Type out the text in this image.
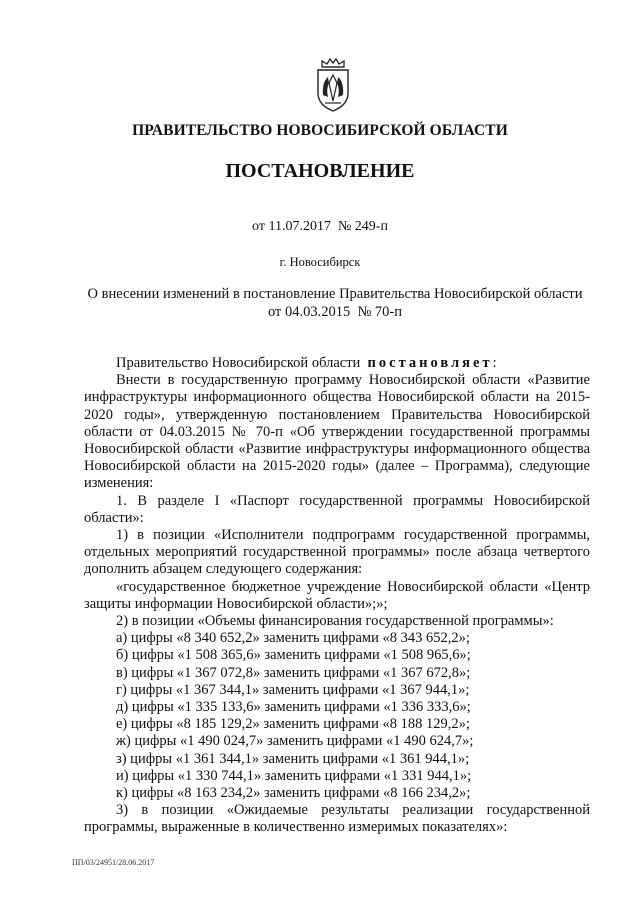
ПРАВИТЕЛЬСТВО НОВОСИБИРСКОЙ ОБЛАСТИ
ПОСТАНОВЛЕНИЕ
от 11.07.2017  № 249-п
г. Новосибирск
О внесении изменений в постановление Правительства Новосибирской области
от 04.03.2015  № 70-п

Правительство Новосибирской области постановляет:

Внести в государственную программу Новосибирской области «Развитие инфраструктуры информационного общества Новосибирской области на 2015-2020 годы», утвержденную постановлением Правительства Новосибирской области от 04.03.2015 № 70-п «Об утверждении государственной программы Новосибирской области «Развитие инфраструктуры информационного общества Новосибирской области на 2015-2020 годы» (далее – Программа), следующие изменения:

1. В разделе I «Паспорт государственной программы Новосибирской области»:

1) в позиции «Исполнители подпрограмм государственной программы, отдельных мероприятий государственной программы» после абзаца четвертого дополнить абзацем следующего содержания:

«государственное бюджетное учреждение Новосибирской области «Центр защиты информации Новосибирской области»;»;

2) в позиции «Объемы финансирования государственной программы»:

а) цифры «8 340 652,2» заменить цифрами «8 343 652,2»;
б) цифры «1 508 365,6» заменить цифрами «1 508 965,6»;
в) цифры «1 367 072,8» заменить цифрами «1 367 672,8»;
г) цифры «1 367 344,1» заменить цифрами «1 367 944,1»;
д) цифры «1 335 133,6» заменить цифрами «1 336 333,6»;
е) цифры «8 185 129,2» заменить цифрами «8 188 129,2»;
ж) цифры «1 490 024,7» заменить цифрами «1 490 624,7»;
з) цифры «1 361 344,1» заменить цифрами «1 361 944,1»;
и) цифры «1 330 744,1» заменить цифрами «1 331 944,1»;
к) цифры «8 163 234,2» заменить цифрами «8 166 234,2»;

3) в позиции «Ожидаемые результаты реализации государственной программы, выраженные в количественно измеримых показателях»:

ПП/03/24951/28.06.2017
